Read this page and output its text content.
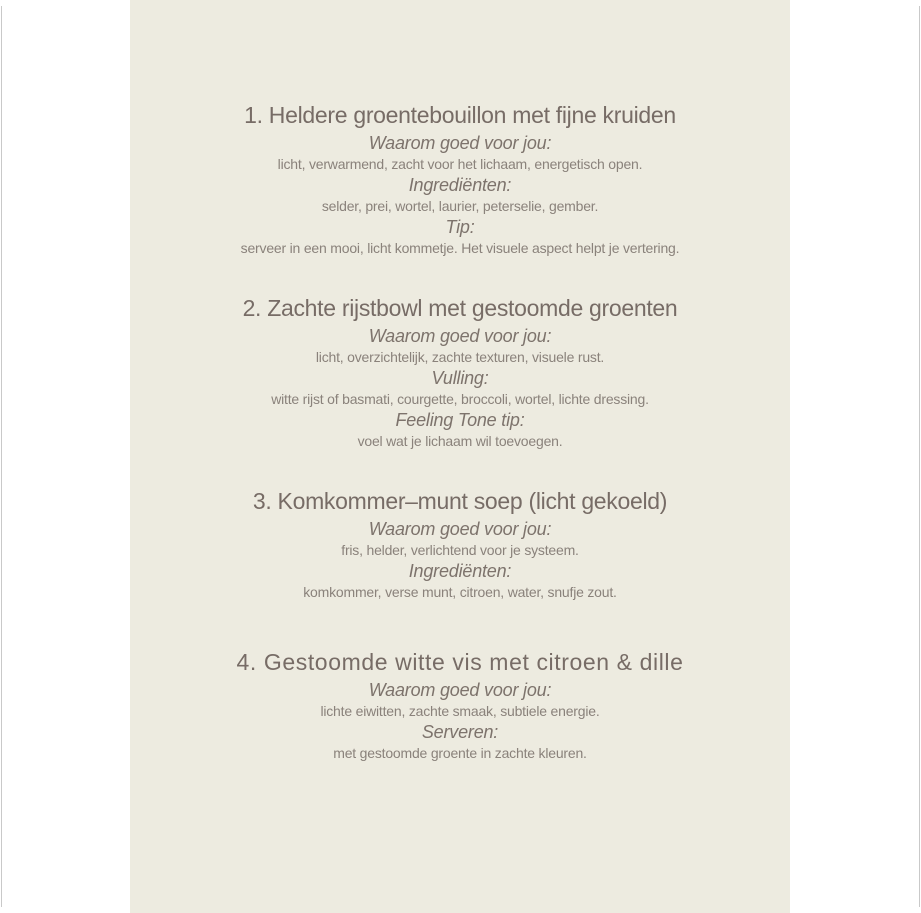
1. Heldere groentebouillon met fijne kruiden
Waarom goed voor jou:
licht, verwarmend, zacht voor het lichaam, energetisch open.
Ingrediënten:
selder, prei, wortel, laurier, peterselie, gember.
Tip:
serveer in een mooi, licht kommetje. Het visuele aspect helpt je vertering.
2. Zachte rijstbowl met gestoomde groenten
Waarom goed voor jou:
licht, overzichtelijk, zachte texturen, visuele rust.
Vulling:
witte rijst of basmati, courgette, broccoli, wortel, lichte dressing.
Feeling Tone tip:
voel wat je lichaam wil toevoegen.
3. Komkommer–munt soep (licht gekoeld)
Waarom goed voor jou:
fris, helder, verlichtend voor je systeem.
Ingrediënten:
komkommer, verse munt, citroen, water, snufje zout.
4. Gestoomde witte vis met citroen & dille
Waarom goed voor jou:
lichte eiwitten, zachte smaak, subtiele energie.
Serveren:
met gestoomde groente in zachte kleuren.
